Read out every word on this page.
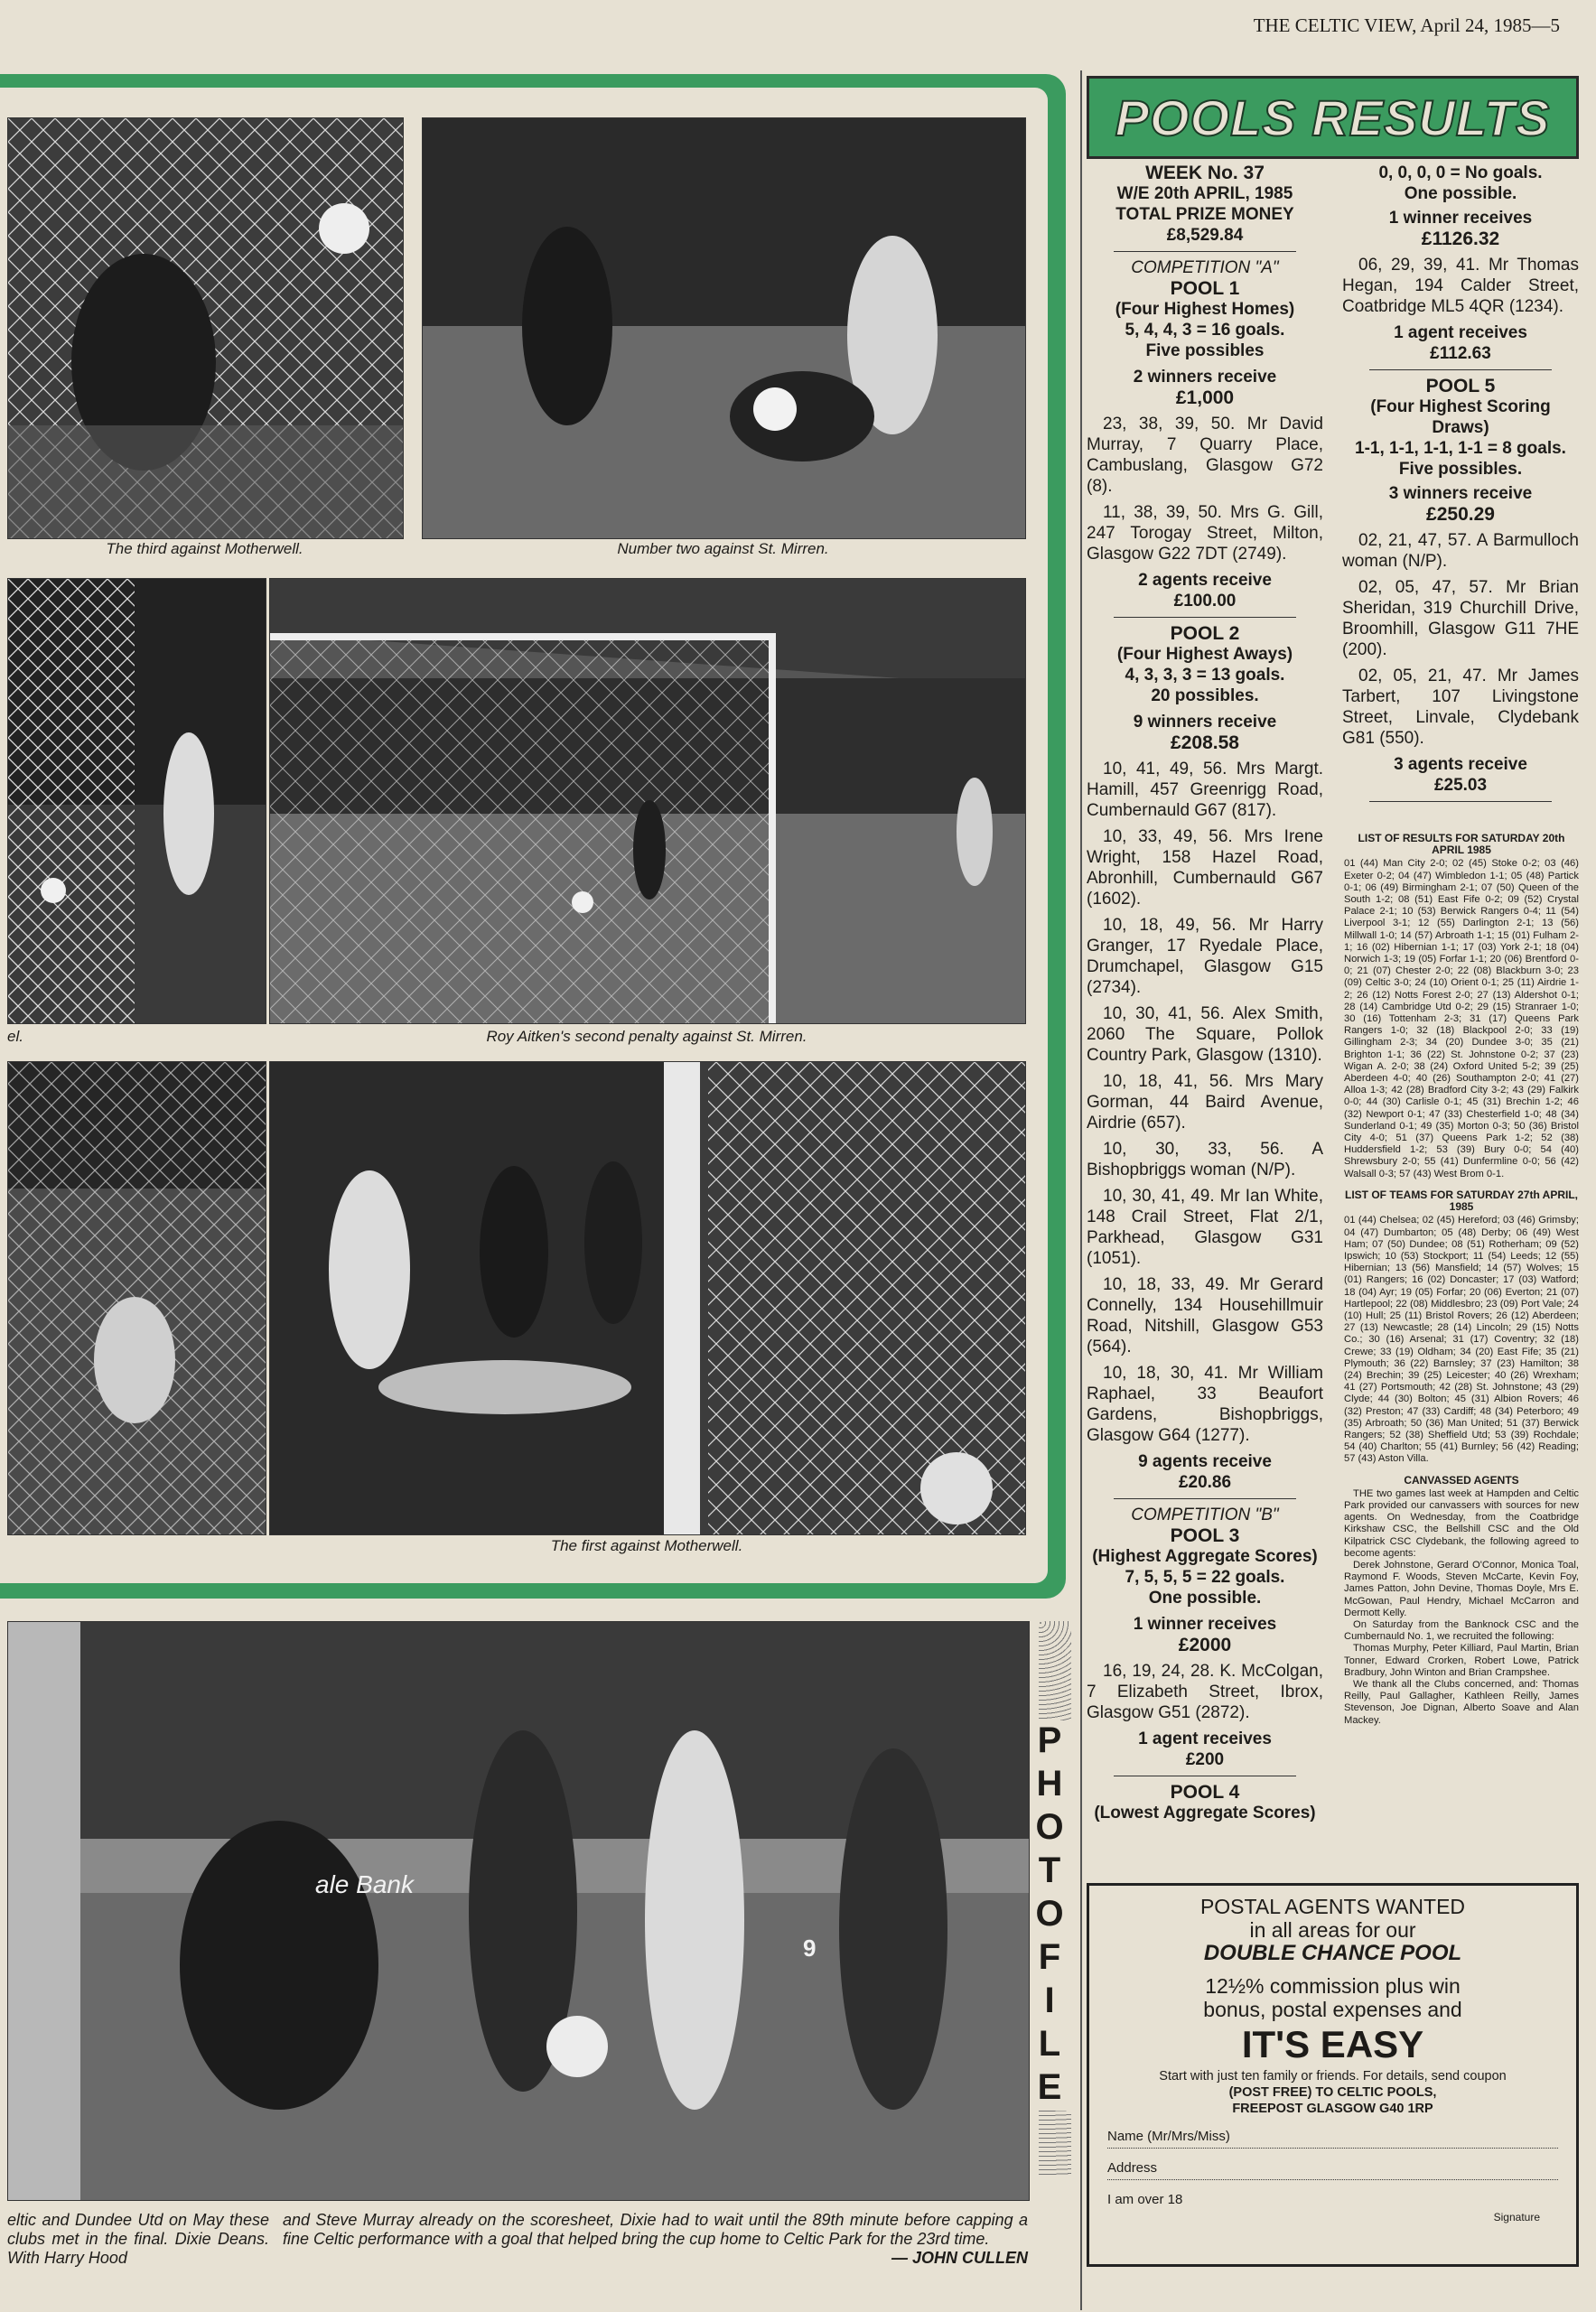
THE CELTIC VIEW, April 24, 1985—5
The third against Motherwell.	Number two against St. Mirren.
el.	Roy Aitken's second penalty against St. Mirren.
The first against Motherwell.
ale Bank
9	PHOTOFILE
eltic and Dundee Utd on May these clubs met in the final. Dixie Deans. With Harry Hood
and Steve Murray already on the scoresheet, Dixie had to wait until the 89th minute before capping a fine Celtic performance with a goal that helped bring the cup home to Celtic Park for the 23rd time.
— JOHN CULLEN
POOLS RESULTS
WEEK No. 37
W/E 20th APRIL, 1985
TOTAL PRIZE MONEY
£8,529.84
COMPETITION "A"
POOL 1
(Four Highest Homes)
5, 4, 4, 3 = 16 goals.
Five possibles
2 winners receive
£1,000
23, 38, 39, 50. Mr David Murray, 7 Quarry Place, Cambuslang, Glasgow G72 (8).
11, 38, 39, 50. Mrs G. Gill, 247 Torogay Street, Milton, Glasgow G22 7DT (2749).
2 agents receive
£100.00
POOL 2
(Four Highest Aways)
4, 3, 3, 3 = 13 goals.
20 possibles.
9 winners receive
£208.58
10, 41, 49, 56. Mrs Margt. Hamill, 457 Greenrigg Road, Cumbernauld G67 (817).
10, 33, 49, 56. Mrs Irene Wright, 158 Hazel Road, Abronhill, Cumbernauld G67 (1602).
10, 18, 49, 56. Mr Harry Granger, 17 Ryedale Place, Drumchapel, Glasgow G15 (2734).
10, 30, 41, 56. Alex Smith, 2060 The Square, Pollok Country Park, Glasgow (1310).
10, 18, 41, 56. Mrs Mary Gorman, 44 Baird Avenue, Airdrie (657).
10, 30, 33, 56. A Bishopbriggs woman (N/P).
10, 30, 41, 49. Mr Ian White, 148 Crail Street, Flat 2/1, Parkhead, Glasgow G31 (1051).
10, 18, 33, 49. Mr Gerard Connelly, 134 Househillmuir Road, Nitshill, Glasgow G53 (564).
10, 18, 30, 41. Mr William Raphael, 33 Beaufort Gardens, Bishopbriggs, Glasgow G64 (1277).
9 agents receive
£20.86
COMPETITION "B"
POOL 3
(Highest Aggregate Scores)
7, 5, 5, 5 = 22 goals.
One possible.
1 winner receives
£2000
16, 19, 24, 28. K. McColgan, 7 Elizabeth Street, Ibrox, Glasgow G51 (2872).
1 agent receives
£200
POOL 4
(Lowest Aggregate Scores)
0, 0, 0, 0 = No goals.
One possible.
1 winner receives
£1126.32
06, 29, 39, 41. Mr Thomas Hegan, 194 Calder Street, Coatbridge ML5 4QR (1234).
1 agent receives
£112.63
POOL 5
(Four Highest Scoring Draws)
1-1, 1-1, 1-1, 1-1 = 8 goals.
Five possibles.
3 winners receive
£250.29
02, 21, 47, 57. A Barmulloch woman (N/P).
02, 05, 47, 57. Mr Brian Sheridan, 319 Churchill Drive, Broomhill, Glasgow G11 7HE (200).
02, 05, 21, 47. Mr James Tarbert, 107 Livingstone Street, Linvale, Clydebank G81 (550).
3 agents receive
£25.03
LIST OF RESULTS FOR SATURDAY 20th APRIL 1985
01 (44) Man City 2-0; 02 (45) Stoke 0-2; 03 (46) Exeter 0-2; 04 (47) Wimbledon 1-1; 05 (48) Partick 0-1; 06 (49) Birmingham 2-1; 07 (50) Queen of the South 1-2; 08 (51) East Fife 0-2; 09 (52) Crystal Palace 2-1; 10 (53) Berwick Rangers 0-4; 11 (54) Liverpool 3-1; 12 (55) Darlington 2-1; 13 (56) Millwall 1-0; 14 (57) Arbroath 1-1; 15 (01) Fulham 2-1; 16 (02) Hibernian 1-1; 17 (03) York 2-1; 18 (04) Norwich 1-3; 19 (05) Forfar 1-1; 20 (06) Brentford 0-0; 21 (07) Chester 2-0; 22 (08) Blackburn 3-0; 23 (09) Celtic 3-0; 24 (10) Orient 0-1; 25 (11) Airdrie 1-2; 26 (12) Notts Forest 2-0; 27 (13) Aldershot 0-1; 28 (14) Cambridge Utd 0-2; 29 (15) Stranraer 1-0; 30 (16) Tottenham 2-3; 31 (17) Queens Park Rangers 1-0; 32 (18) Blackpool 2-0; 33 (19) Gillingham 2-3; 34 (20) Dundee 3-0; 35 (21) Brighton 1-1; 36 (22) St. Johnstone 0-2; 37 (23) Wigan A. 2-0; 38 (24) Oxford United 5-2; 39 (25) Aberdeen 4-0; 40 (26) Southampton 2-0; 41 (27) Alloa 1-3; 42 (28) Bradford City 3-2; 43 (29) Falkirk 0-0; 44 (30) Carlisle 0-1; 45 (31) Brechin 1-2; 46 (32) Newport 0-1; 47 (33) Chesterfield 1-0; 48 (34) Sunderland 0-1; 49 (35) Morton 0-3; 50 (36) Bristol City 4-0; 51 (37) Queens Park 1-2; 52 (38) Huddersfield 1-2; 53 (39) Bury 0-0; 54 (40) Shrewsbury 2-0; 55 (41) Dunfermline 0-0; 56 (42) Walsall 0-3; 57 (43) West Brom 0-1.
LIST OF TEAMS FOR SATURDAY 27th APRIL, 1985
01 (44) Chelsea; 02 (45) Hereford; 03 (46) Grimsby; 04 (47) Dumbarton; 05 (48) Derby; 06 (49) West Ham; 07 (50) Dundee; 08 (51) Rotherham; 09 (52) Ipswich; 10 (53) Stockport; 11 (54) Leeds; 12 (55) Hibernian; 13 (56) Mansfield; 14 (57) Wolves; 15 (01) Rangers; 16 (02) Doncaster; 17 (03) Watford; 18 (04) Ayr; 19 (05) Forfar; 20 (06) Everton; 21 (07) Hartlepool; 22 (08) Middlesbro; 23 (09) Port Vale; 24 (10) Hull; 25 (11) Bristol Rovers; 26 (12) Aberdeen; 27 (13) Newcastle; 28 (14) Lincoln; 29 (15) Notts Co.; 30 (16) Arsenal; 31 (17) Coventry; 32 (18) Crewe; 33 (19) Oldham; 34 (20) East Fife; 35 (21) Plymouth; 36 (22) Barnsley; 37 (23) Hamilton; 38 (24) Brechin; 39 (25) Leicester; 40 (26) Wrexham; 41 (27) Portsmouth; 42 (28) St. Johnstone; 43 (29) Clyde; 44 (30) Bolton; 45 (31) Albion Rovers; 46 (32) Preston; 47 (33) Cardiff; 48 (34) Peterboro; 49 (35) Arbroath; 50 (36) Man United; 51 (37) Berwick Rangers; 52 (38) Sheffield Utd; 53 (39) Rochdale; 54 (40) Charlton; 55 (41) Burnley; 56 (42) Reading; 57 (43) Aston Villa.
CANVASSED AGENTS
THE two games last week at Hampden and Celtic Park provided our canvassers with sources for new agents. On Wednesday, from the Coatbridge Kirkshaw CSC, the Bellshill CSC and the Old Kilpatrick CSC Clydebank, the following agreed to become agents:
Derek Johnstone, Gerard O'Connor, Monica Toal, Raymond F. Woods, Steven McCarte, Kevin Foy, James Patton, John Devine, Thomas Doyle, Mrs E. McGowan, Paul Hendry, Michael McCarron and Dermott Kelly.
On Saturday from the Banknock CSC and the Cumbernauld No. 1, we recruited the following:
Thomas Murphy, Peter Killiard, Paul Martin, Brian Tonner, Edward Crorken, Robert Lowe, Patrick Bradbury, John Winton and Brian Crampshee.
We thank all the Clubs concerned, and: Thomas Reilly, Paul Gallagher, Kathleen Reilly, James Stevenson, Joe Dignan, Alberto Soave and Alan Mackey.
POSTAL AGENTS WANTED
in all areas for our
DOUBLE CHANCE POOL
12½% commission plus win
bonus, postal expenses and
IT'S EASY
Start with just ten family or friends. For details, send coupon
(POST FREE) TO CELTIC POOLS,
FREEPOST GLASGOW G40 1RP
Name (Mr/Mrs/Miss)
Address
I am over 18
Signature
